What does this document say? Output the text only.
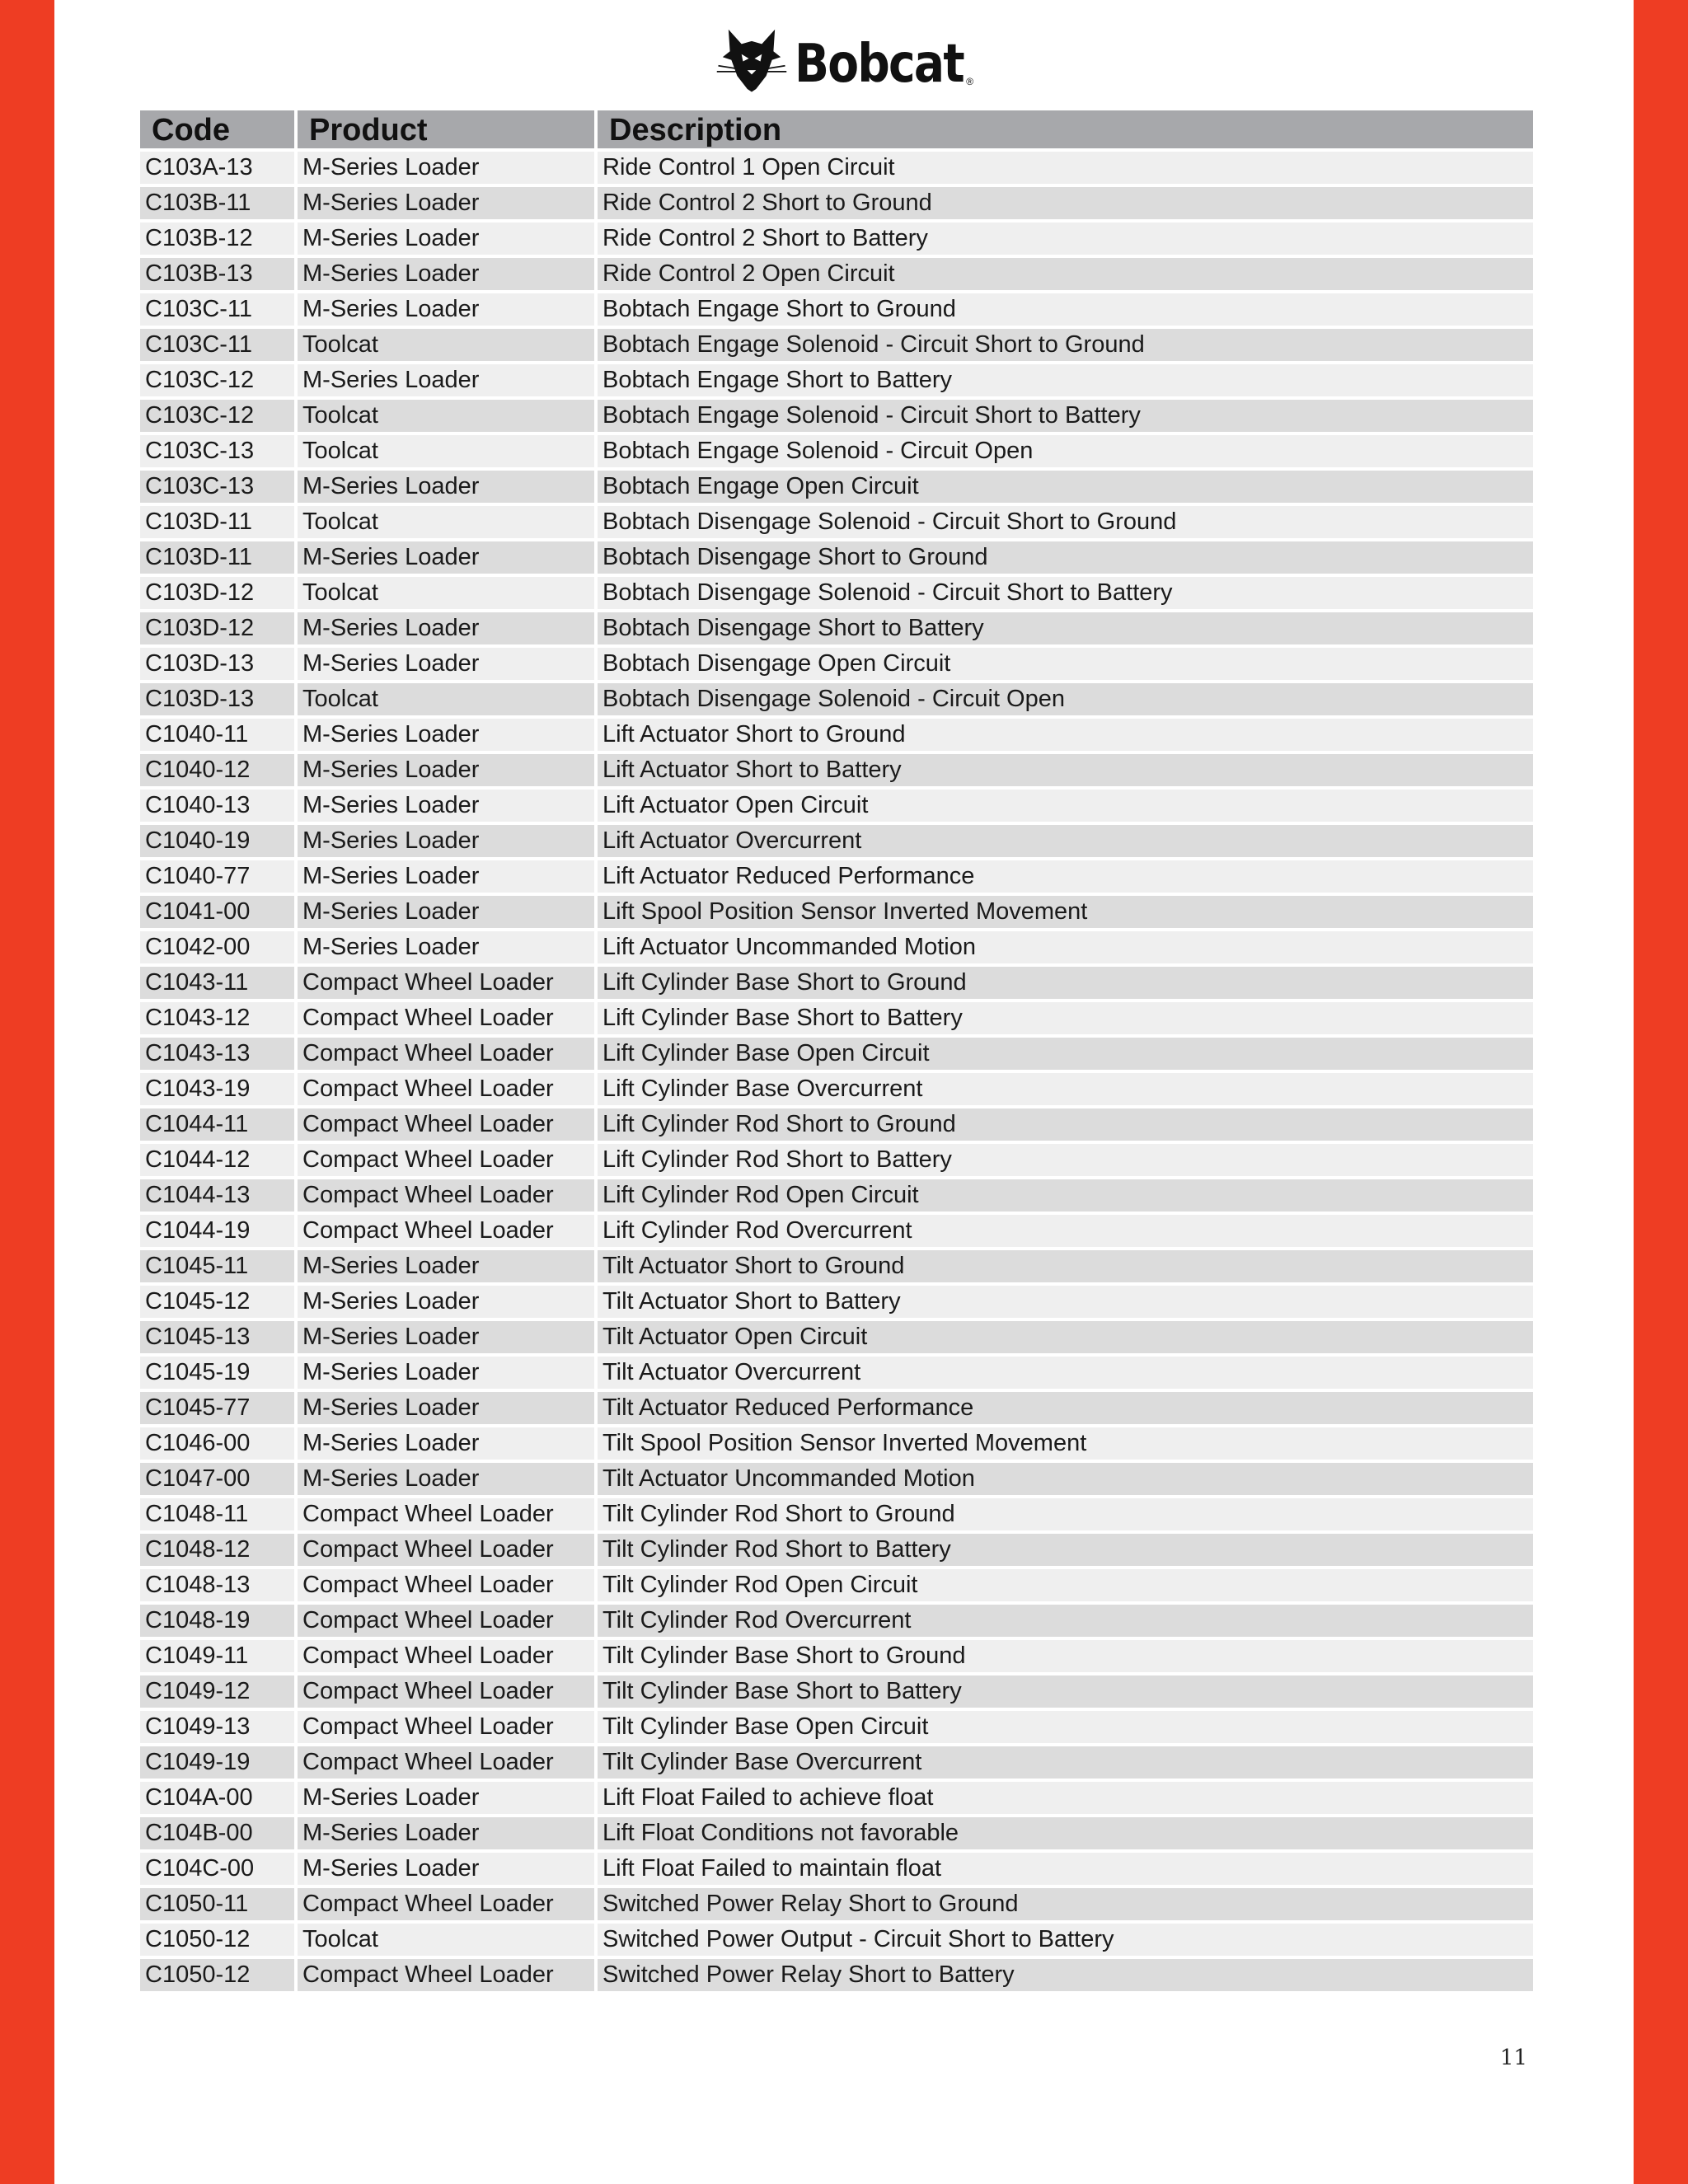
Bobcat ®
Code	Product	Description
C103A-13	M-Series Loader	Ride Control 1 Open Circuit
C103B-11	M-Series Loader	Ride Control 2 Short to Ground
C103B-12	M-Series Loader	Ride Control 2 Short to Battery
C103B-13	M-Series Loader	Ride Control 2 Open Circuit
C103C-11	M-Series Loader	Bobtach Engage Short to Ground
C103C-11	Toolcat	Bobtach Engage Solenoid - Circuit Short to Ground
C103C-12	M-Series Loader	Bobtach Engage Short to Battery
C103C-12	Toolcat	Bobtach Engage Solenoid - Circuit Short to Battery
C103C-13	Toolcat	Bobtach Engage Solenoid - Circuit Open
C103C-13	M-Series Loader	Bobtach Engage Open Circuit
C103D-11	Toolcat	Bobtach Disengage Solenoid - Circuit Short to Ground
C103D-11	M-Series Loader	Bobtach Disengage Short to Ground
C103D-12	Toolcat	Bobtach Disengage Solenoid - Circuit Short to Battery
C103D-12	M-Series Loader	Bobtach Disengage Short to Battery
C103D-13	M-Series Loader	Bobtach Disengage Open Circuit
C103D-13	Toolcat	Bobtach Disengage Solenoid - Circuit Open
C1040-11	M-Series Loader	Lift Actuator Short to Ground
C1040-12	M-Series Loader	Lift Actuator Short to Battery
C1040-13	M-Series Loader	Lift Actuator Open Circuit
C1040-19	M-Series Loader	Lift Actuator Overcurrent
C1040-77	M-Series Loader	Lift Actuator Reduced Performance
C1041-00	M-Series Loader	Lift Spool Position Sensor Inverted Movement
C1042-00	M-Series Loader	Lift Actuator Uncommanded Motion
C1043-11	Compact Wheel Loader	Lift Cylinder Base Short to Ground
C1043-12	Compact Wheel Loader	Lift Cylinder Base Short to Battery
C1043-13	Compact Wheel Loader	Lift Cylinder Base Open Circuit
C1043-19	Compact Wheel Loader	Lift Cylinder Base Overcurrent
C1044-11	Compact Wheel Loader	Lift Cylinder Rod Short to Ground
C1044-12	Compact Wheel Loader	Lift Cylinder Rod Short to Battery
C1044-13	Compact Wheel Loader	Lift Cylinder Rod Open Circuit
C1044-19	Compact Wheel Loader	Lift Cylinder Rod Overcurrent
C1045-11	M-Series Loader	Tilt Actuator Short to Ground
C1045-12	M-Series Loader	Tilt Actuator Short to Battery
C1045-13	M-Series Loader	Tilt Actuator Open Circuit
C1045-19	M-Series Loader	Tilt Actuator Overcurrent
C1045-77	M-Series Loader	Tilt Actuator Reduced Performance
C1046-00	M-Series Loader	Tilt Spool Position Sensor Inverted Movement
C1047-00	M-Series Loader	Tilt Actuator Uncommanded Motion
C1048-11	Compact Wheel Loader	Tilt Cylinder Rod Short to Ground
C1048-12	Compact Wheel Loader	Tilt Cylinder Rod Short to Battery
C1048-13	Compact Wheel Loader	Tilt Cylinder Rod Open Circuit
C1048-19	Compact Wheel Loader	Tilt Cylinder Rod Overcurrent
C1049-11	Compact Wheel Loader	Tilt Cylinder Base Short to Ground
C1049-12	Compact Wheel Loader	Tilt Cylinder Base Short to Battery
C1049-13	Compact Wheel Loader	Tilt Cylinder Base Open Circuit
C1049-19	Compact Wheel Loader	Tilt Cylinder Base Overcurrent
C104A-00	M-Series Loader	Lift Float Failed to achieve float
C104B-00	M-Series Loader	Lift Float Conditions not favorable
C104C-00	M-Series Loader	Lift Float Failed to maintain float
C1050-11	Compact Wheel Loader	Switched Power Relay Short to Ground
C1050-12	Toolcat	Switched Power Output - Circuit Short to Battery
C1050-12	Compact Wheel Loader	Switched Power Relay Short to Battery
11
